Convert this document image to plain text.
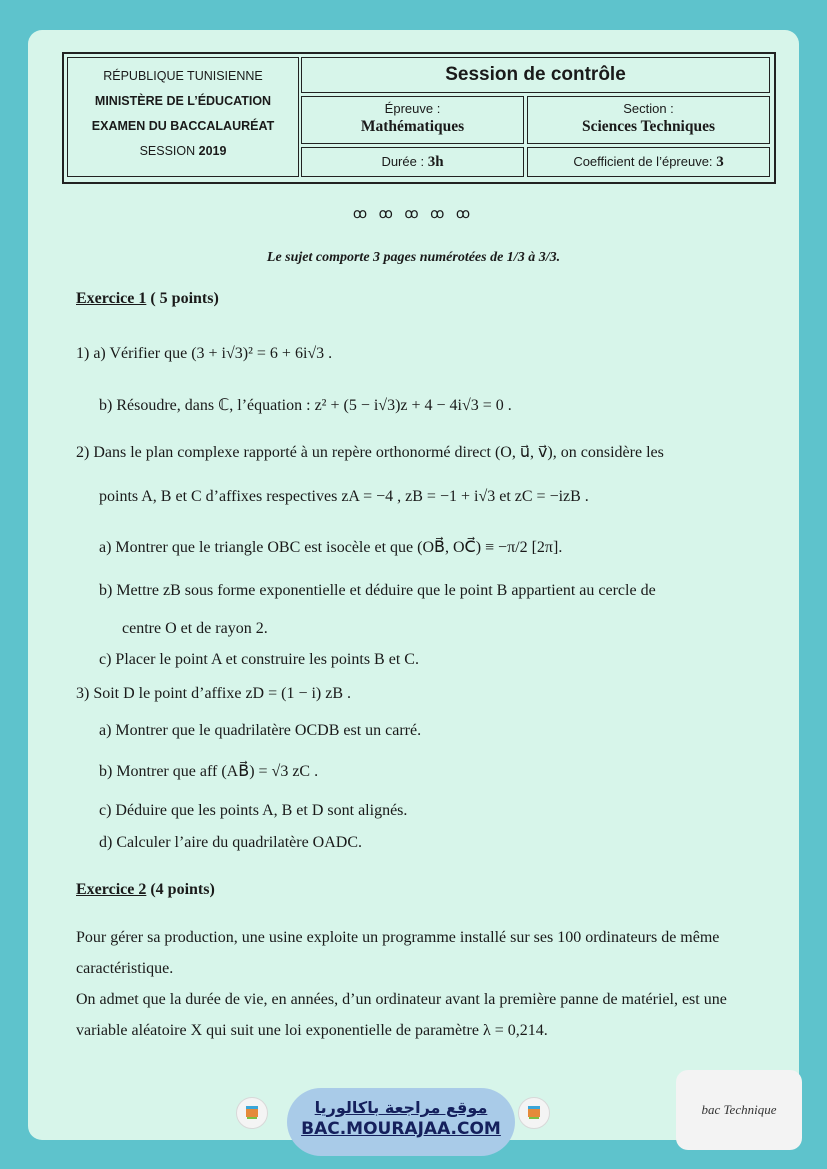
RÉPUBLIQUE TUNISIENNE
MINISTÈRE DE L’ÉDUCATION
EXAMEN DU BACCALAURÉAT
SESSION 2019
Session de contrôle
Épreuve :
Mathématiques
Section :
Sciences Techniques
Durée : 3h	Coefficient de l’épreuve: 3
ꝏ ꝏ ꝏ ꝏ ꝏ
Le sujet comporte 3 pages numérotées de 1/3 à 3/3.
Exercice 1 ( 5 points)
1) a) Vérifier que (3 + i√3)² = 6 + 6i√3 .
b) Résoudre, dans ℂ, l’équation : z² + (5 − i√3)z + 4 − 4i√3 = 0 .
2) Dans le plan complexe rapporté à un repère orthonormé direct (O, u⃗, v⃗), on considère les
points A, B et C d’affixes respectives zA = −4 , zB = −1 + i√3 et zC = −izB .
a) Montrer que le triangle OBC est isocèle et que (OB⃗, OC⃗) ≡ −π/2 [2π].
b) Mettre zB sous forme exponentielle et déduire que le point B appartient au cercle de
centre O et de rayon 2.
c) Placer le point A et construire les points B et C.
3) Soit D le point d’affixe zD = (1 − i) zB .
a) Montrer que le quadrilatère OCDB est un carré.
b) Montrer que aff (AB⃗) = √3 zC .
c) Déduire que les points A, B et D sont alignés.
d) Calculer l’aire du quadrilatère OADC.
Exercice 2 (4 points)
Pour gérer sa production, une usine exploite un programme installé sur ses 100 ordinateurs de même caractéristique.
On admet que la durée de vie, en années, d’un ordinateur avant la première panne de matériel, est une variable aléatoire X qui suit une loi exponentielle de paramètre λ = 0,214.
موقع مراجعة باكالوريا
BAC.MOURAJAA.COM
bac Technique
